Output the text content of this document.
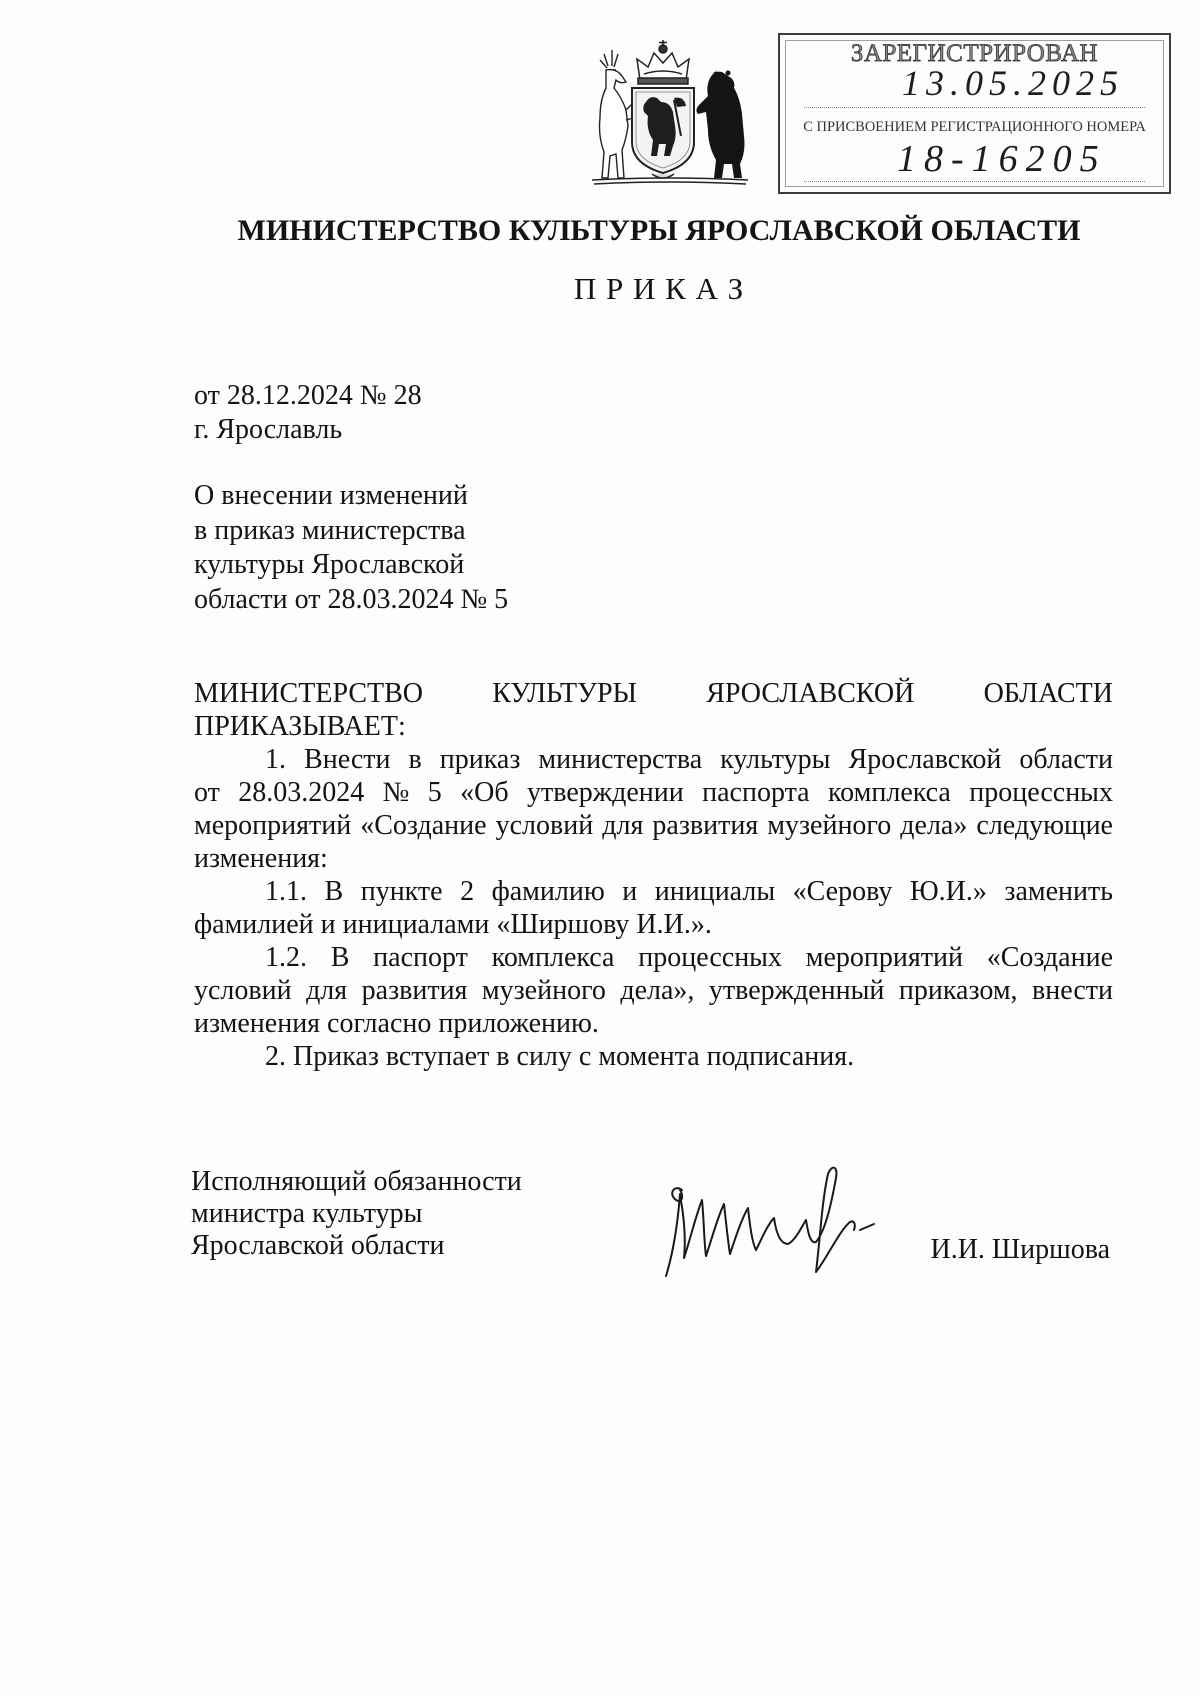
ЗАРЕГИСТРИРОВАН
13.05.2025
С ПРИСВОЕНИЕМ РЕГИСТРАЦИОННОГО НОМЕРА
18-16205
МИНИСТЕРСТВО КУЛЬТУРЫ ЯРОСЛАВСКОЙ ОБЛАСТИ
П Р И К А З
от 28.12.2024 № 28
г. Ярославль
О внесении изменений
в приказ министерства
культуры Ярославской
области от 28.03.2024 № 5
МИНИСТЕРСТВО КУЛЬТУРЫ ЯРОСЛАВСКОЙ ОБЛАСТИ
ПРИКАЗЫВАЕТ:
1. Внести в приказ министерства культуры Ярославской области
от 28.03.2024 № 5 «Об утверждении паспорта комплекса процессных
мероприятий «Создание условий для развития музейного дела» следующие
изменения:
1.1. В пункте 2 фамилию и инициалы «Серову Ю.И.» заменить
фамилией и инициалами «Ширшову И.И.».
1.2. В паспорт комплекса процессных мероприятий «Создание
условий для развития музейного дела», утвержденный приказом, внести
изменения согласно приложению.
2. Приказ вступает в силу с момента подписания.
Исполняющий обязанности
министра культуры
Ярославской области	И.И. Ширшова
